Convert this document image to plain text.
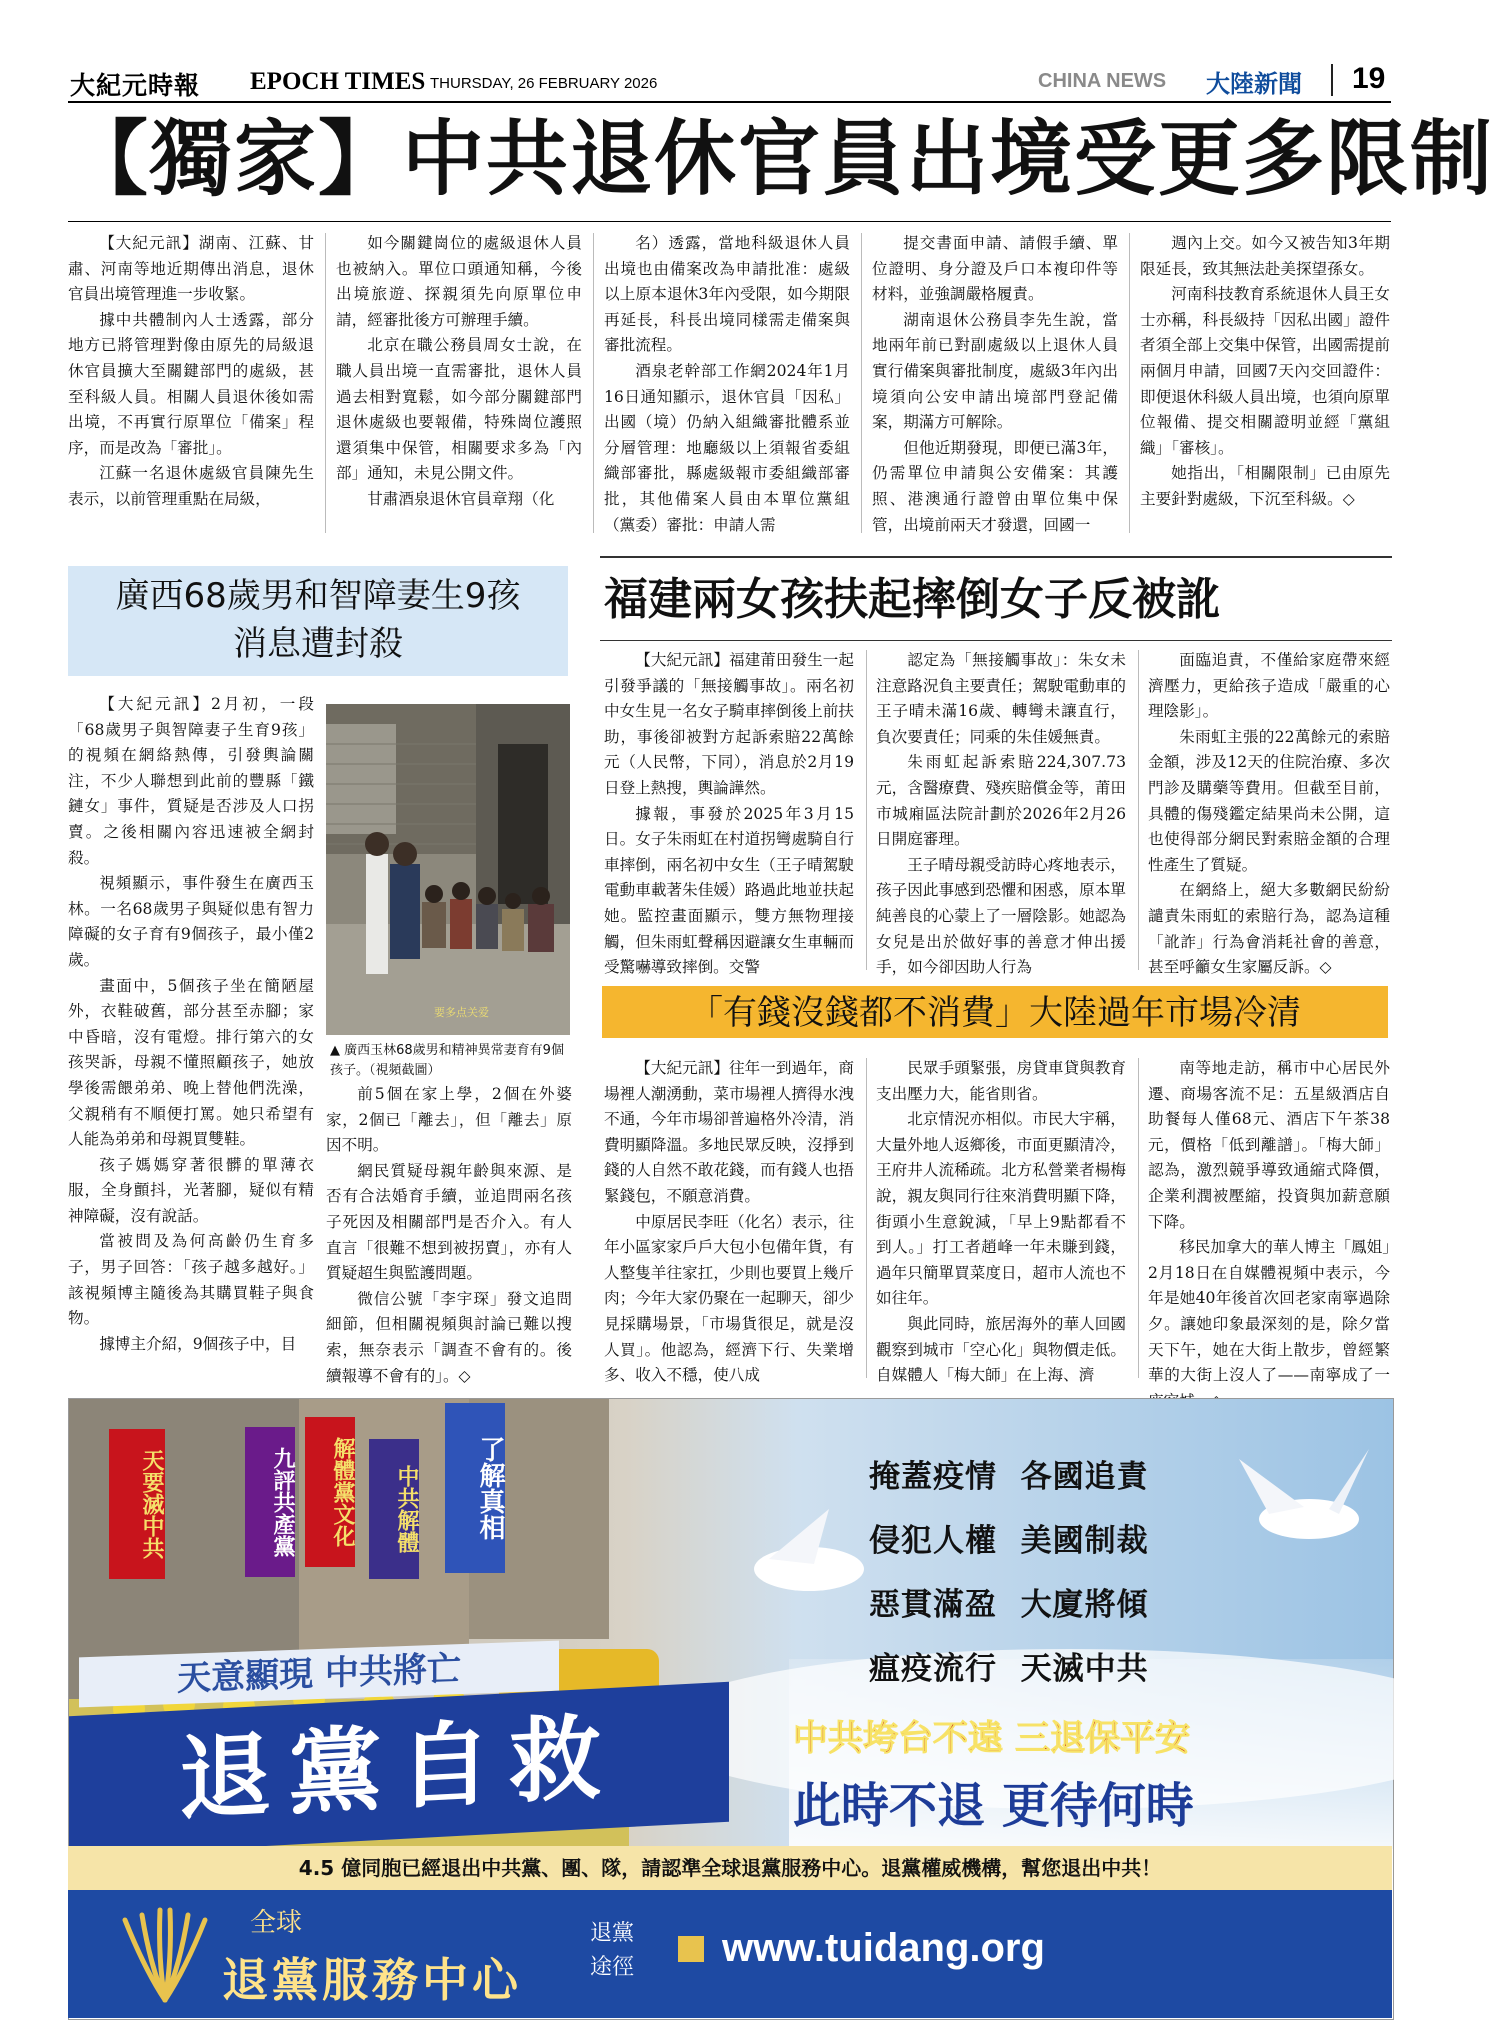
大紀元時報 EPOCH TIMES THURSDAY, 26 FEBRUARY 2026	CHINA NEWS 大陸新聞 19
【獨家】中共退休官員出境受更多限制

【大紀元訊】湖南、江蘇、甘肅、河南等地近期傳出消息，退休官員出境管理進一步收緊。

據中共體制內人士透露，部分地方已將管理對像由原先的局級退休官員擴大至關鍵部門的處級，甚至科級人員。相關人員退休後如需出境，不再實行原單位「備案」程序，而是改為「審批」。

江蘇一名退休處級官員陳先生表示，以前管理重點在局級，

如今關鍵崗位的處級退休人員也被納入。單位口頭通知稱，今後出境旅遊、探親須先向原單位申請，經審批後方可辦理手續。

北京在職公務員周女士說，在職人員出境一直需審批，退休人員過去相對寬鬆，如今部分關鍵部門退休處級也要報備，特殊崗位護照還須集中保管，相關要求多為「內部」通知，未見公開文件。

甘肅酒泉退休官員章翔（化

名）透露，當地科級退休人員出境也由備案改為申請批准：處級以上原本退休3年內受限，如今期限再延長，科長出境同樣需走備案與審批流程。

酒泉老幹部工作網2024年1月16日通知顯示，退休官員「因私」出國（境）仍納入組織審批體系並分層管理：地廳級以上須報省委組織部審批，縣處級報市委組織部審批，其他備案人員由本單位黨組（黨委）審批：申請人需

提交書面申請、請假手續、單位證明、身分證及戶口本複印件等材料，並強調嚴格履責。

湖南退休公務員李先生說，當地兩年前已對副處級以上退休人員實行備案與審批制度，處級3年內出境須向公安申請出境部門登記備案，期滿方可解除。

但他近期發現，即便已滿3年，仍需單位申請與公安備案：其護照、港澳通行證曾由單位集中保管，出境前兩天才發還，回國一

週內上交。如今又被告知3年期限延長，致其無法赴美探望孫女。

河南科技教育系統退休人員王女士亦稱，科長級持「因私出國」證件者須全部上交集中保管，出國需提前兩個月申請，回國7天內交回證件：即便退休科級人員出境，也須向原單位報備、提交相關證明並經「黨組織」「審核」。

她指出，「相關限制」已由原先主要針對處級，下沉至科級。◇

廣西68歲男和智障妻生9孩
消息遭封殺

【大紀元訊】2月初，一段「68歲男子與智障妻子生育9孩」的視頻在網絡熱傳，引發輿論關注，不少人聯想到此前的豐縣「鐵鏈女」事件，質疑是否涉及人口拐賣。之後相關內容迅速被全網封殺。

視頻顯示，事件發生在廣西玉林。一名68歲男子與疑似患有智力障礙的女子育有9個孩子，最小僅2歲。

畫面中，5個孩子坐在簡陋屋外，衣鞋破舊，部分甚至赤腳；家中昏暗，沒有電燈。排行第六的女孩哭訴，母親不懂照顧孩子，她放學後需餵弟弟、晚上替他們洗澡，父親稍有不順便打罵。她只希望有人能為弟弟和母親買雙鞋。

孩子媽媽穿著很髒的單薄衣服，全身顫抖，光著腳，疑似有精神障礙，沒有說話。

當被問及為何高齡仍生育多子，男子回答：「孩子越多越好。」該視頻博主隨後為其購買鞋子與食物。

據博主介紹，9個孩子中，目

要多点关爱
▲ 廣西玉林68歲男和精神異常妻育有9個孩子。（視頻截圖）

前5個在家上學，2個在外婆家，2個已「離去」，但「離去」原因不明。

網民質疑母親年齡與來源、是否有合法婚育手續，並追問兩名孩子死因及相關部門是否介入。有人直言「很難不想到被拐賣」，亦有人質疑超生與監護問題。

微信公號「李宇琛」發文追問細節，但相關視頻與討論已難以搜索，無奈表示「調查不會有的。後續報導不會有的」。◇

福建兩女孩扶起摔倒女子反被訛

【大紀元訊】福建莆田發生一起引發爭議的「無接觸事故」。兩名初中女生見一名女子騎車摔倒後上前扶助，事後卻被對方起訴索賠22萬餘元（人民幣，下同），消息於2月19日登上熱搜，輿論譁然。

據報，事發於2025年3月15日。女子朱雨虹在村道拐彎處騎自行車摔倒，兩名初中女生（王子晴駕駛電動車載著朱佳媛）路過此地並扶起她。監控畫面顯示，雙方無物理接觸，但朱雨虹聲稱因避讓女生車輛而受驚嚇導致摔倒。交警

認定為「無接觸事故」：朱女未注意路況負主要責任；駕駛電動車的王子晴未滿16歲、轉彎未讓直行，負次要責任；同乘的朱佳媛無責。

朱雨虹起訴索賠224,307.73元，含醫療費、殘疾賠償金等，莆田市城廂區法院計劃於2026年2月26日開庭審理。

王子晴母親受訪時心疼地表示，孩子因此事感到恐懼和困惑，原本單純善良的心蒙上了一層陰影。她認為女兒是出於做好事的善意才伸出援手，如今卻因助人行為

面臨追責，不僅給家庭帶來經濟壓力，更給孩子造成「嚴重的心理陰影」。

朱雨虹主張的22萬餘元的索賠金額，涉及12天的住院治療、多次門診及購藥等費用。但截至目前，具體的傷殘鑑定結果尚未公開，這也使得部分網民對索賠金額的合理性產生了質疑。

在網絡上，絕大多數網民紛紛譴責朱雨虹的索賠行為，認為這種「訛詐」行為會消耗社會的善意，甚至呼籲女生家屬反訴。◇

「有錢沒錢都不消費」大陸過年市場冷清

【大紀元訊】往年一到過年，商場裡人潮湧動，菜市場裡人擠得水洩不通，今年市場卻普遍格外冷清，消費明顯降溫。多地民眾反映，沒掙到錢的人自然不敢花錢，而有錢人也捂緊錢包，不願意消費。

中原居民李旺（化名）表示，往年小區家家戶戶大包小包備年貨，有人整隻羊往家扛，少則也要買上幾斤肉；今年大家仍聚在一起聊天，卻少見採購場景，「市場貨很足，就是沒人買」。他認為，經濟下行、失業增多、收入不穩，使八成

民眾手頭緊張，房貸車貸與教育支出壓力大，能省則省。

北京情況亦相似。市民大宇稱，大量外地人返鄉後，市面更顯清冷，王府井人流稀疏。北方私營業者楊梅說，親友與同行往來消費明顯下降，街頭小生意銳減，「早上9點都看不到人。」打工者趙峰一年未賺到錢，過年只簡單買菜度日，超市人流也不如往年。

與此同時，旅居海外的華人回國觀察到城市「空心化」與物價走低。自媒體人「梅大師」在上海、濟

南等地走訪，稱市中心居民外遷、商場客流不足：五星級酒店自助餐每人僅68元、酒店下午茶38元，價格「低到離譜」。「梅大師」認為，激烈競爭導致通縮式降價，企業利潤被壓縮，投資與加薪意願下降。

移民加拿大的華人博主「鳳姐」2月18日在自媒體視頻中表示，今年是她40年後首次回老家南寧過除夕。讓她印象最深刻的是，除夕當天下午，她在大街上散步，曾經繁華的大街上沒人了——南寧成了一

天要滅中共	九評共產黨	解體黨文化	中共解體	了解真相
天意顯現 中共將亡
退黨自救
掩蓋疫情 各國追責
侵犯人權 美國制裁
惡貫滿盈 大廈將傾
瘟疫流行 天滅中共
中共垮台不遠 三退保平安
此時不退 更待何時
4.5 億同胞已經退出中共黨、團、隊，請認準全球退黨服務中心。退黨權威機構，幫您退出中共！
全球
退黨服務中心
退黨
途徑 www.tuidang.org
